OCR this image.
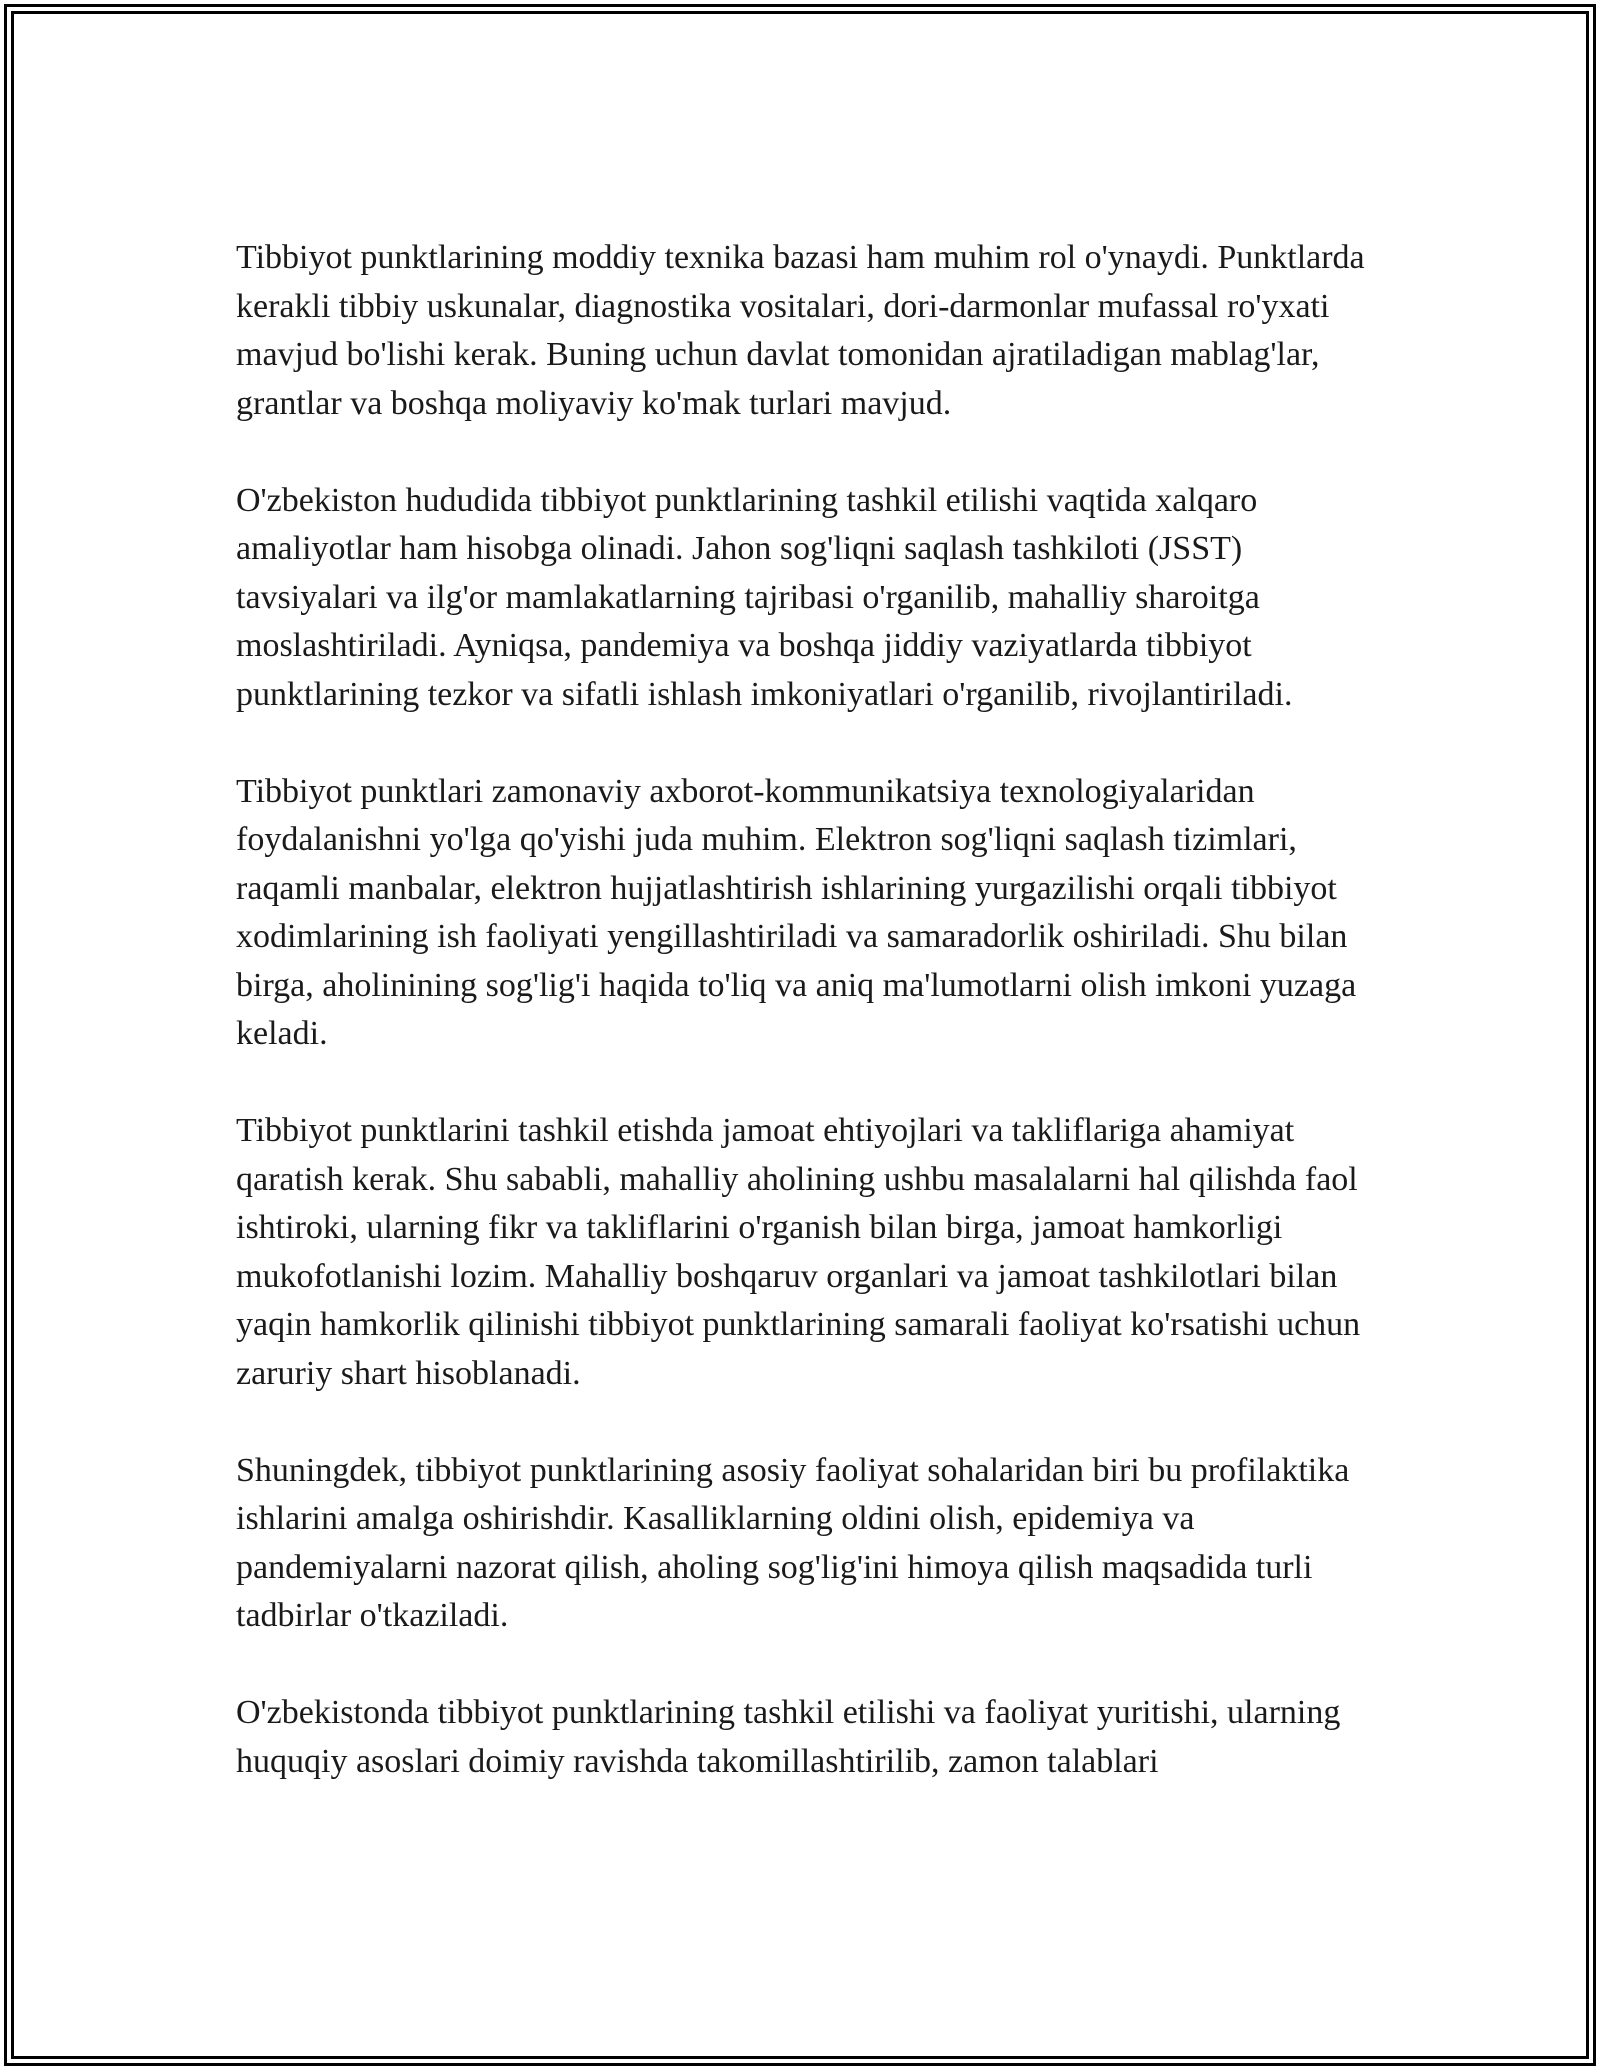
Tibbiyot punktlarining moddiy texnika bazasi ham muhim rol o'ynaydi. Punktlarda kerakli tibbiy uskunalar, diagnostika vositalari, dori-darmonlar mufassal ro'yxati mavjud bo'lishi kerak. Buning uchun davlat tomonidan ajratiladigan mablag'lar, grantlar va boshqa moliyaviy ko'mak turlari mavjud.

O'zbekiston hududida tibbiyot punktlarining tashkil etilishi vaqtida xalqaro amaliyotlar ham hisobga olinadi. Jahon sog'liqni saqlash tashkiloti (JSST) tavsiyalari va ilg'or mamlakatlarning tajribasi o'rganilib, mahalliy sharoitga moslashtiriladi. Ayniqsa, pandemiya va boshqa jiddiy vaziyatlarda tibbiyot punktlarining tezkor va sifatli ishlash imkoniyatlari o'rganilib, rivojlantiriladi.

Tibbiyot punktlari zamonaviy axborot-kommunikatsiya texnologiyalaridan foydalanishni yo'lga qo'yishi juda muhim. Elektron sog'liqni saqlash tizimlari, raqamli manbalar, elektron hujjatlashtirish ishlarining yurgazilishi orqali tibbiyot xodimlarining ish faoliyati yengillashtiriladi va samaradorlik oshiriladi. Shu bilan birga, aholinining sog'lig'i haqida to'liq va aniq ma'lumotlarni olish imkoni yuzaga keladi.

Tibbiyot punktlarini tashkil etishda jamoat ehtiyojlari va takliflariga ahamiyat qaratish kerak. Shu sababli, mahalliy aholining ushbu masalalarni hal qilishda faol ishtiroki, ularning fikr va takliflarini o'rganish bilan birga, jamoat hamkorligi mukofotlanishi lozim. Mahalliy boshqaruv organlari va jamoat tashkilotlari bilan yaqin hamkorlik qilinishi tibbiyot punktlarining samarali faoliyat ko'rsatishi uchun zaruriy shart hisoblanadi.

Shuningdek, tibbiyot punktlarining asosiy faoliyat sohalaridan biri bu profilaktika ishlarini amalga oshirishdir. Kasalliklarning oldini olish, epidemiya va pandemiyalarni nazorat qilish, aholing sog'lig'ini himoya qilish maqsadida turli tadbirlar o'tkaziladi.

O'zbekistonda tibbiyot punktlarining tashkil etilishi va faoliyat yuritishi, ularning huquqiy asoslari doimiy ravishda takomillashtirilib, zamon talablari
